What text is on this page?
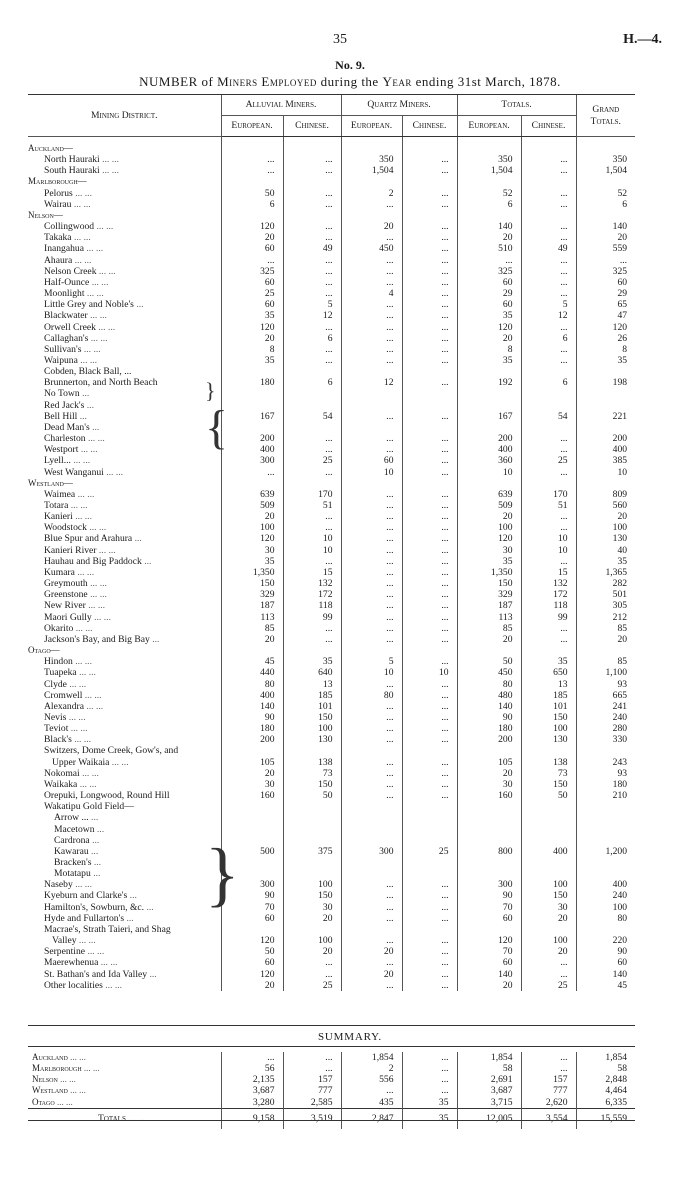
35	H.—4.
No. 9.
NUMBER of Miners Employed during the Year ending 31st March, 1878.
Mining District.	Alluvial Miners.		Quartz Miners.		Totals.		Grand Totals.
	European.	Chinese.	European.	Chinese.	European.	Chinese.	

Auckland—							
North Hauraki ... ...	...	...	350	...	350	...	350
South Hauraki ... ...	...	...	1,504	...	1,504	...	1,504
Marlborough—							
Pelorus ... ...	50	...	2	...	52	...	52
Wairau ... ...	6	...	...	...	6	...	6
Nelson—							
Collingwood ... ...	120	...	20	...	140	...	140
Takaka ... ...	20	...	...	...	20	...	20
Inangahua ... ...	60	49	450	...	510	49	559
Ahaura ... ...	...	...	...	...	...	...	...
Nelson Creek ... ...	325	...	...	...	325	...	325
Half-Ounce ... ...	60	...	...	...	60	...	60
Moonlight ... ...	25	...	4	...	29	...	29
Little Grey and Noble's ...	60	5	...	...	60	5	65
Blackwater ... ...	35	12	...	...	35	12	47
Orwell Creek ... ...	120	...	...	...	120	...	120
Callaghan's ... ...	20	6	...	...	20	6	26
Sullivan's ... ...	8	...	...	...	8	...	8
Waipuna ... ...	35	...	...	...	35	...	35
Cobden, Black Ball, ...							
Brunnerton, and North Beach	180	6	12	...	192	6	198
No Town ...							
Red Jack's ...							
Bell Hill ...	167	54	...	...	167	54	221
Dead Man's ...							
Charleston ... ...	200	...	...	...	200	...	200
Westport ... ...	400	...	...	...	400	...	400
Lyell... ... ...	300	25	60	...	360	25	385
West Wanganui ... ...	...	...	10	...	10	...	10
Westland—							
Waimea ... ...	639	170	...	...	639	170	809
Totara ... ...	509	51	...	...	509	51	560
Kanieri ... ...	20	...	...	...	20	...	20
Woodstock ... ...	100	...	...	...	100	...	100
Blue Spur and Arahura ...	120	10	...	...	120	10	130
Kanieri River ... ...	30	10	...	...	30	10	40
Hauhau and Big Paddock ...	35	...	...	...	35	...	35
Kumara ... ...	1,350	15	...	...	1,350	15	1,365
Greymouth ... ...	150	132	...	...	150	132	282
Greenstone ... ...	329	172	...	...	329	172	501
New River ... ...	187	118	...	...	187	118	305
Maori Gully ... ...	113	99	...	...	113	99	212
Okarito ... ...	85	...	...	...	85	...	85
Jackson's Bay, and Big Bay ...	20	...	...	...	20	...	20
Otago—							
Hindon ... ...	45	35	5	...	50	35	85
Tuapeka ... ...	440	640	10	10	450	650	1,100
Clyde ... ...	80	13	...	...	80	13	93
Cromwell ... ...	400	185	80	...	480	185	665
Alexandra ... ...	140	101	...	...	140	101	241
Nevis ... ...	90	150	...	...	90	150	240
Teviot ... ...	180	100	...	...	180	100	280
Black's ... ...	200	130	...	...	200	130	330
Switzers, Dome Creek, Gow's, and							
Upper Waikaia ... ...	105	138	...	...	105	138	243
Nokomai ... ...	20	73	...	...	20	73	93
Waikaka ... ...	30	150	...	...	30	150	180
Orepuki, Longwood, Round Hill	160	50	...	...	160	50	210
Wakatipu Gold Field—							
Arrow ... ...							
Macetown ...							
Cardrona ...							
Kawarau ...	500	375	300	25	800	400	1,200
Bracken's ...							
Motatapu ...							
Naseby ... ...	300	100	...	...	300	100	400
Kyeburn and Clarke's ...	90	150	...	...	90	150	240
Hamilton's, Sowburn, &c. ...	70	30	...	...	70	30	100
Hyde and Fullarton's ...	60	20	...	...	60	20	80
Macrae's, Strath Taieri, and Shag							
Valley ... ...	120	100	...	...	120	100	220
Serpentine ... ...	50	20	20	...	70	20	90
Maerewhenua ... ...	60	...	...	...	60	...	60
St. Bathan's and Ida Valley ...	120	...	20	...	140	...	140
Other localities ... ...	20	25	...	...	20	25	45
SUMMARY.
Auckland ... ...	...	...	1,854	...	1,854	...	1,854
Marlborough ... ...	56	...	2	...	58	...	58
Nelson ... ...	2,135	157	556	...	2,691	157	2,848
Westland ... ...	3,687	777	...	...	3,687	777	4,464
Otago ... ...	3,280	2,585	435	35	3,715	2,620	6,335
Totals ... ...	9,158	3,519	2,847	35	12,005	3,554	15,559
}
{
}
